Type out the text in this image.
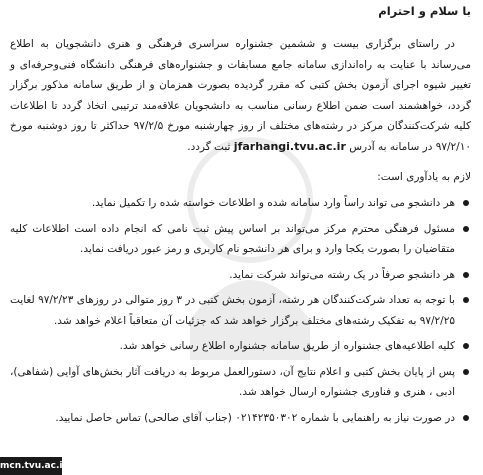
با سلام و احترام

در راستای برگزاری بیست و ششمین جشنواره سراسری فرهنگی و هنری دانشجویان به اطلاع می‌رساند با عنایت به راه‌اندازی سامانه جامع مسابقات و جشنواره‌های فرهنگی دانشگاه فنی‌وحرفه‌ای و تغییر شیوه اجرای آزمون بخش کتبی که مقرر گردیده بصورت همزمان و از طریق سامانه مذکور برگزار گردد، خواهشمند است ضمن اطلاع رسانی مناسب به دانشجویان علاقه‌مند ترتیبی اتخاذ گردد تا اطلاعات کلیه شرکت‌کنندگان مرکز در رشته‌های مختلف از روز چهارشنبه مورخ ۹۷/۲/۵ حداکثر تا روز دوشنبه مورخ ۹۷/۲/۱۰ در سامانه به آدرس jfarhangi.tvu.ac.ir ثبت گردد.

لازم به یادآوری است:
هر دانشجو می تواند راساً وارد سامانه شده و اطلاعات خواسته شده را تکمیل نماید.
مسئول فرهنگی محترم مرکز می‌تواند بر اساس پیش ثبت نامی که انجام داده است اطلاعات کلیه متقاضیان را بصورت یکجا وارد و برای هر دانشجو نام کاربری و رمز عبور دریافت نماید.
هر دانشجو صرفاً در یک رشته می‌تواند شرکت نماید.
با توجه به تعداد شرکت‌کنندگان هر رشته، آزمون بخش کتبی در ۳ روز متوالی در روزهای ۹۷/۲/۲۳ لغایت ۹۷/۲/۲۵ به تفکیک رشته‌های مختلف برگزار خواهد شد که جزئیات آن متعاقباً اعلام خواهد شد.
کلیه اطلاعیه‌های جشنواره از طریق سامانه جشنواره اطلاع رسانی خواهد شد.
پس از پایان بخش کتبی و اعلام نتایج آن، دستورالعمل مربوط به دریافت آثار بخش‌های آوایی (شفاهی)، ادبی ، هنری و فناوری جشنواره ارسال خواهد شد.
در صورت نیاز به راهنمایی با شماره ۰۲۱۴۲۳۵۰۳۰۲ (جناب آقای صالحی) تماس حاصل نمایید.
mcn.tvu.ac.ir
